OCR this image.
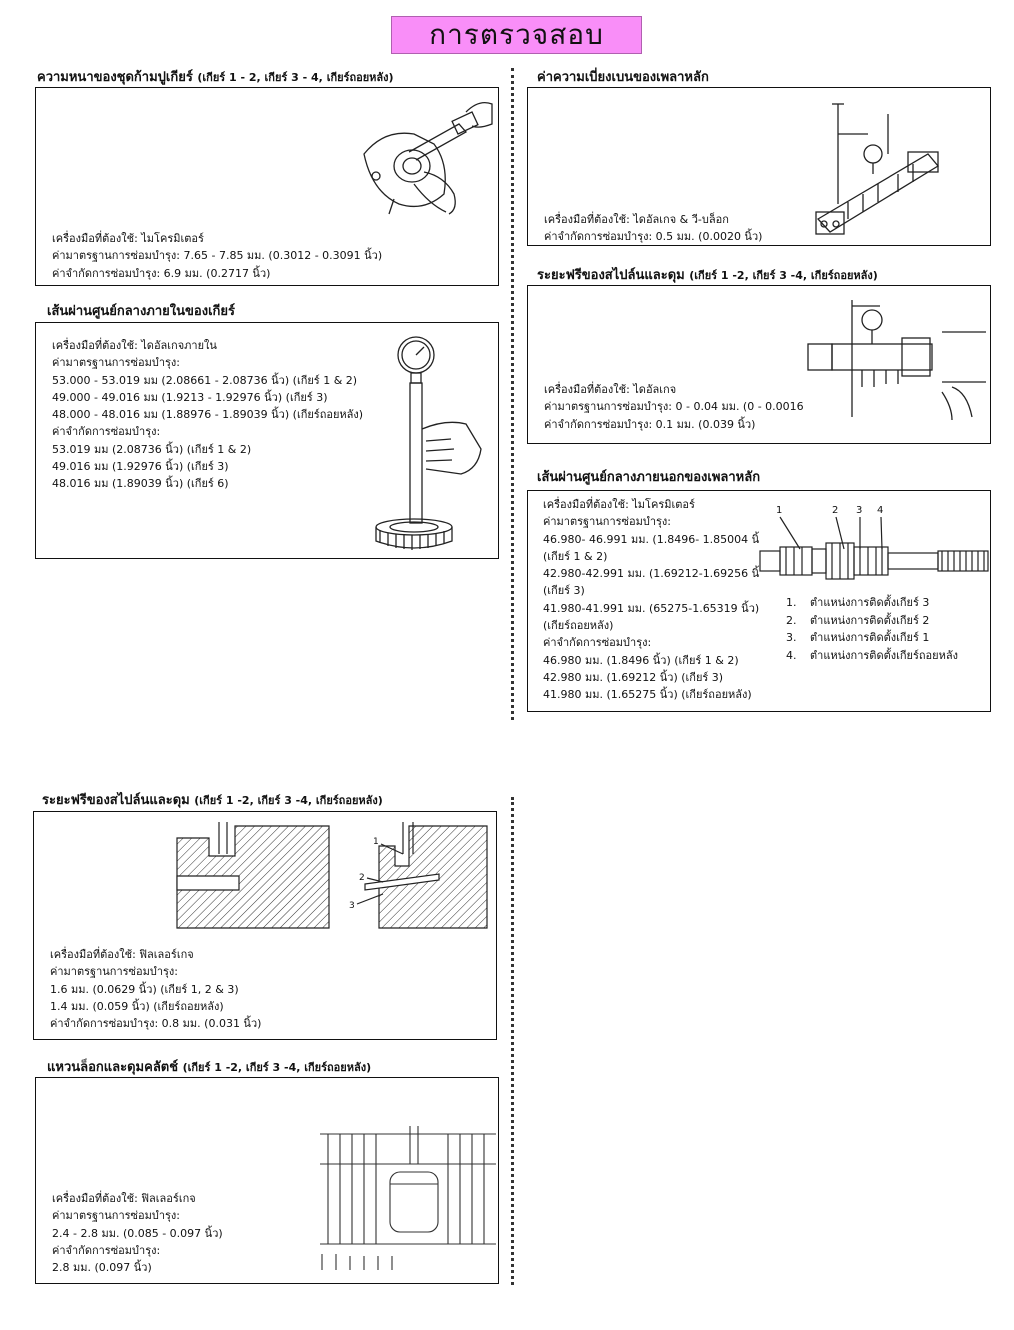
การตรวจสอบ
ความหนาของชุดก้ามปูเกียร์ (เกียร์ 1 - 2, เกียร์ 3 - 4, เกียร์ถอยหลัง)
เครื่องมือที่ต้องใช้: ไมโครมิเตอร์
ค่ามาตรฐานการซ่อมบำรุง: 7.65 - 7.85 มม. (0.3012 - 0.3091 นิ้ว)
ค่าจำกัดการซ่อมบำรุง: 6.9 มม. (0.2717 นิ้ว)
เส้นผ่านศูนย์กลางภายในของเกียร์
เครื่องมือที่ต้องใช้: ไดอัลเกจภายใน
ค่ามาตรฐานการซ่อมบำรุง:
53.000 - 53.019 มม (2.08661 - 2.08736 นิ้ว) (เกียร์ 1 & 2)
49.000 - 49.016 มม (1.9213 - 1.92976 นิ้ว) (เกียร์ 3)
48.000 - 48.016 มม (1.88976 - 1.89039 นิ้ว) (เกียร์ถอยหลัง)
ค่าจำกัดการซ่อมบำรุง:
53.019 มม (2.08736 นิ้ว) (เกียร์ 1 & 2)
49.016 มม (1.92976 นิ้ว) (เกียร์ 3)
48.016 มม (1.89039 นิ้ว) (เกียร์ 6)
ค่าความเบี่ยงเบนของเพลาหลัก
เครื่องมือที่ต้องใช้: ไดอัลเกจ & วี-บล็อก
ค่าจำกัดการซ่อมบำรุง: 0.5 มม. (0.0020 นิ้ว)
ระยะฟรีของสไปล์นและดุม (เกียร์ 1 -2, เกียร์ 3 -4, เกียร์ถอยหลัง)
เครื่องมือที่ต้องใช้: ไดอัลเกจ
ค่ามาตรฐานการซ่อมบำรุง: 0 - 0.04 มม. (0 - 0.0016
ค่าจำกัดการซ่อมบำรุง: 0.1 มม. (0.039 นิ้ว)
เส้นผ่านศูนย์กลางภายนอกของเพลาหลัก
เครื่องมือที่ต้องใช้: ไมโครมิเตอร์
ค่ามาตรฐานการซ่อมบำรุง:
46.980- 46.991 มม. (1.8496- 1.85004 นิ้
(เกียร์ 1 & 2)
42.980-42.991 มม. (1.69212-1.69256 นิ้
(เกียร์ 3)
41.980-41.991 มม. (65275-1.65319 นิ้ว)
(เกียร์ถอยหลัง)
ค่าจำกัดการซ่อมบำรุง:
46.980 มม. (1.8496 นิ้ว) (เกียร์ 1 & 2)
42.980 มม. (1.69212 นิ้ว) (เกียร์ 3)
41.980 มม. (1.65275 นิ้ว) (เกียร์ถอยหลัง)
1	2 3 4
1. ตำแหน่งการติดตั้งเกียร์ 3
2. ตำแหน่งการติดตั้งเกียร์ 2
3. ตำแหน่งการติดตั้งเกียร์ 1
4. ตำแหน่งการติดตั้งเกียร์ถอยหลัง
ระยะฟรีของสไปล์นและดุม (เกียร์ 1 -2, เกียร์ 3 -4, เกียร์ถอยหลัง)
1
2
3
เครื่องมือที่ต้องใช้: ฟิลเลอร์เกจ
ค่ามาตรฐานการซ่อมบำรุง:
1.6 มม. (0.0629 นิ้ว) (เกียร์ 1, 2 & 3)
1.4 มม. (0.059 นิ้ว) (เกียร์ถอยหลัง)
ค่าจำกัดการซ่อมบำรุง: 0.8 มม. (0.031 นิ้ว)
แหวนล็อกและดุมคลัตช์ (เกียร์ 1 -2, เกียร์ 3 -4, เกียร์ถอยหลัง)
เครื่องมือที่ต้องใช้: ฟิลเลอร์เกจ
ค่ามาตรฐานการซ่อมบำรุง:
2.4 - 2.8 มม. (0.085 - 0.097 นิ้ว)
ค่าจำกัดการซ่อมบำรุง:
2.8 มม. (0.097 นิ้ว)
